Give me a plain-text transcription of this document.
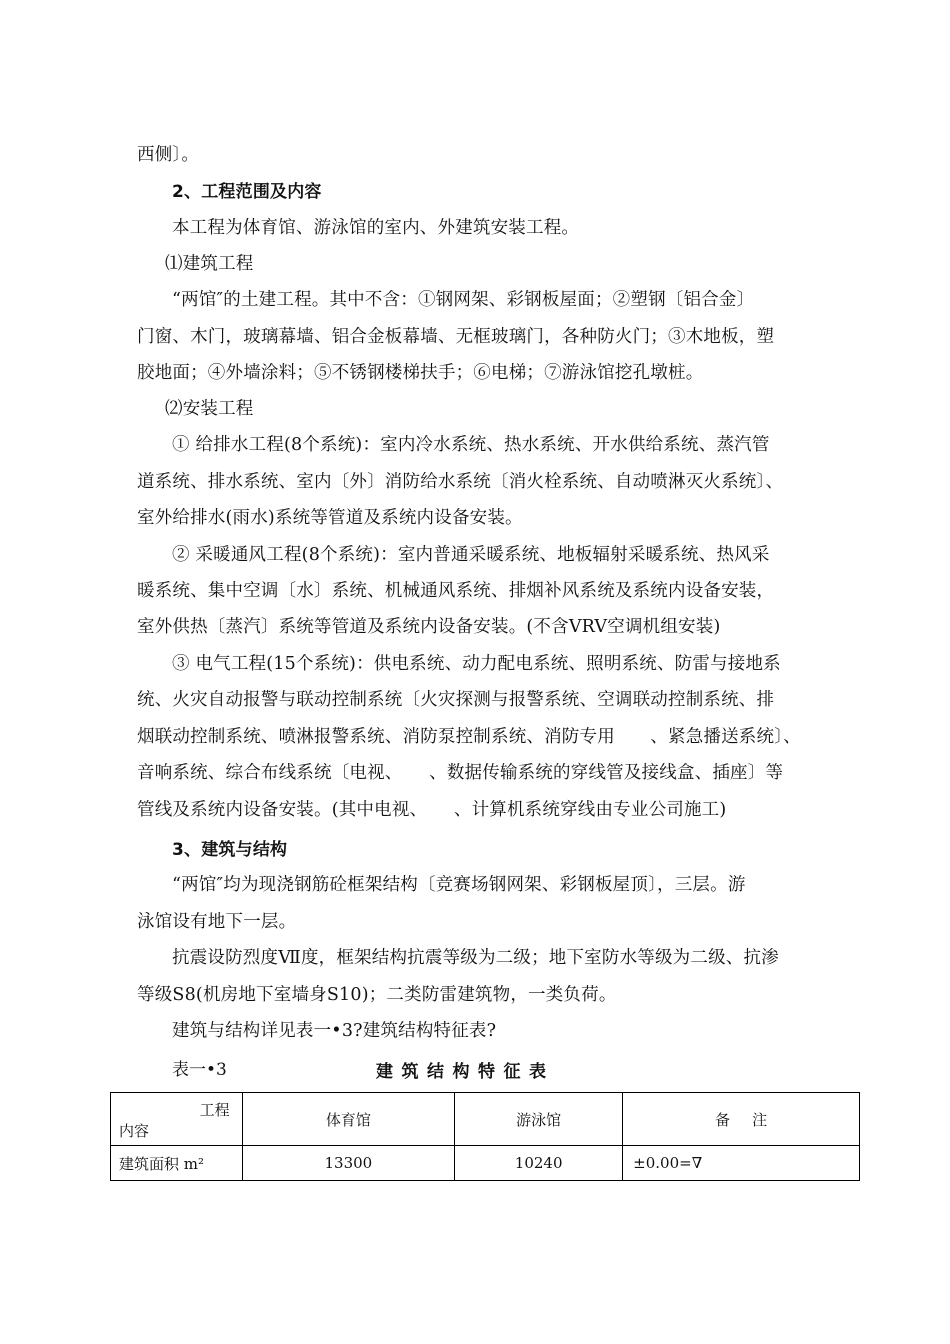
西侧〕。
2、工程范围及内容
本工程为体育馆、游泳馆的室内、外建筑安装工程。
⑴建筑工程
“两馆″的土建工程。其中不含：①钢网架、彩钢板屋面；②塑钢〔铝合金〕
门窗、木门，玻璃幕墙、铝合金板幕墙、无框玻璃门，各种防火门；③木地板，塑
胶地面；④外墙涂料；⑤不锈钢楼梯扶手；⑥电梯；⑦游泳馆挖孔墩桩。
⑵安装工程
① 给排水工程(8个系统)：室内冷水系统、热水系统、开水供给系统、蒸汽管
道系统、排水系统、室内〔外〕消防给水系统〔消火栓系统、自动喷淋灭火系统〕、
室外给排水(雨水)系统等管道及系统内设备安装。
② 采暖通风工程(8个系统)：室内普通采暖系统、地板辐射采暖系统、热风采
暖系统、集中空调〔水〕系统、机械通风系统、排烟补风系统及系统内设备安装，
室外供热〔蒸汽〕系统等管道及系统内设备安装。(不含VRV空调机组安装)
③ 电气工程(15个系统)：供电系统、动力配电系统、照明系统、防雷与接地系
统、火灾自动报警与联动控制系统〔火灾探测与报警系统、空调联动控制系统、排
烟联动控制系统、喷淋报警系统、消防泵控制系统、消防专用　　、紧急播送系统〕、
音响系统、综合布线系统〔电视、　　、数据传输系统的穿线管及接线盒、插座〕等
管线及系统内设备安装。(其中电视、　　、计算机系统穿线由专业公司施工)
3、建筑与结构
“两馆″均为现浇钢筋砼框架结构〔竞赛场钢网架、彩钢板屋顶〕，三层。游
泳馆设有地下一层。
抗震设防烈度Ⅶ度，框架结构抗震等级为二级；地下室防水等级为二级、抗渗
等级S8(机房地下室墙身S10)；二类防雷建筑物，一类负荷。
建筑与结构详见表一•3?建筑结构特征表?
表一•3	建筑结构特征表
工程
内容	体育馆	游泳馆	备注
建筑面积 m²	13300	10240	±0.00=∇
